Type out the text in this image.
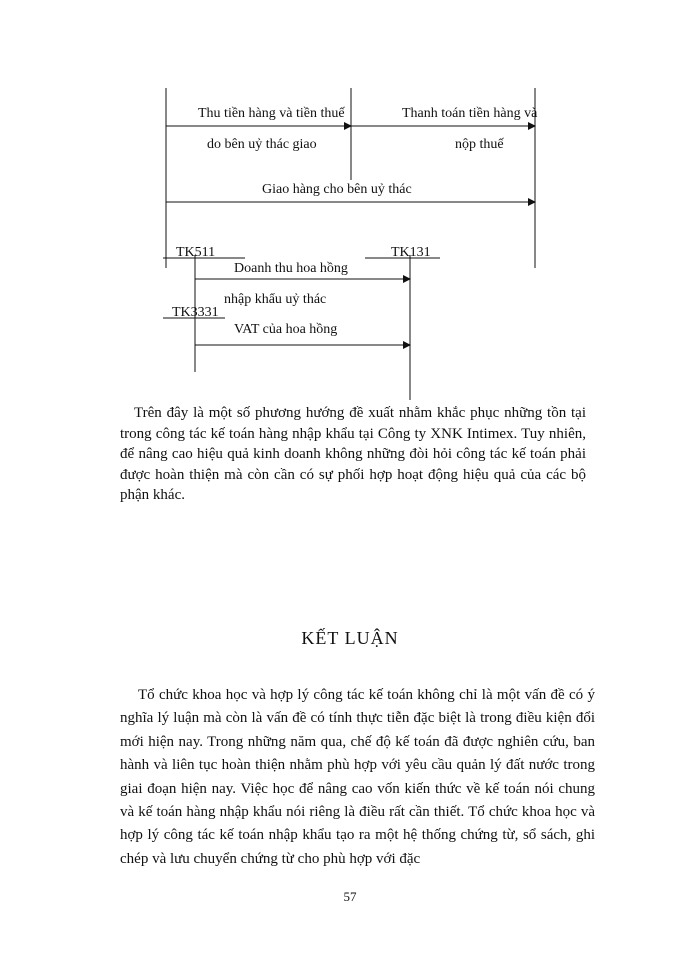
Thu tiền hàng và tiền thuế
do bên uỷ thác giao
Thanh toán tiền hàng và
nộp thuế
Giao hàng cho bên uỷ thác
TK511	TK131
Doanh thu hoa hồng
nhập khẩu uỷ thác
TK3331
VAT của hoa hồng

Trên đây là một số phương hướng đề xuất nhằm khắc phục những tồn tại trong công tác kế toán hàng nhập khẩu tại Công ty XNK Intimex. Tuy nhiên, để nâng cao hiệu quả kinh doanh không những đòi hỏi công tác kế toán phải được hoàn thiện mà còn cần có sự phối hợp hoạt động hiệu quả của các bộ phận khác.

KẾT LUẬN

Tổ chức khoa học và hợp lý công tác kế toán không chỉ là một vấn đề có ý nghĩa lý luận mà còn là vấn đề có tính thực tiễn đặc biệt là trong điều kiện đổi mới hiện nay. Trong những năm qua, chế độ kế toán đã được nghiên cứu, ban hành và liên tục hoàn thiện nhằm phù hợp với yêu cầu quản lý đất nước trong giai đoạn hiện nay. Việc học để nâng cao vốn kiến thức về kế toán nói chung và kế toán hàng nhập khẩu nói riêng là điều rất cần thiết. Tổ chức khoa học và hợp lý công tác kế toán nhập khẩu tạo ra một hệ thống chứng từ, sổ sách, ghi chép và lưu chuyển chứng từ cho phù hợp với đặc

57
